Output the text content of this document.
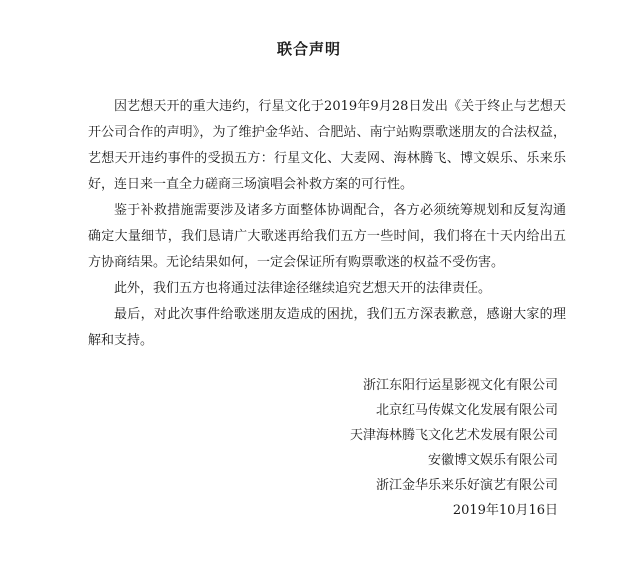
联合声明

因艺想天开的重大违约，行星文化于2019年9月28日发出《关于终止与艺想天开公司合作的声明》，为了维护金华站、合肥站、南宁站购票歌迷朋友的合法权益，艺想天开违约事件的受损五方：行星文化、大麦网、海林腾飞、博文娱乐、乐来乐好，连日来一直全力磋商三场演唱会补救方案的可行性。

鉴于补救措施需要涉及诸多方面整体协调配合，各方必须统筹规划和反复沟通确定大量细节，我们恳请广大歌迷再给我们五方一些时间，我们将在十天内给出五方协商结果。无论结果如何，一定会保证所有购票歌迷的权益不受伤害。

此外，我们五方也将通过法律途径继续追究艺想天开的法律责任。

最后，对此次事件给歌迷朋友造成的困扰，我们五方深表歉意，感谢大家的理解和支持。

浙江东阳行运星影视文化有限公司
北京红马传媒文化发展有限公司
天津海林腾飞文化艺术发展有限公司
安徽博文娱乐有限公司
浙江金华乐来乐好演艺有限公司
2019年10月16日
